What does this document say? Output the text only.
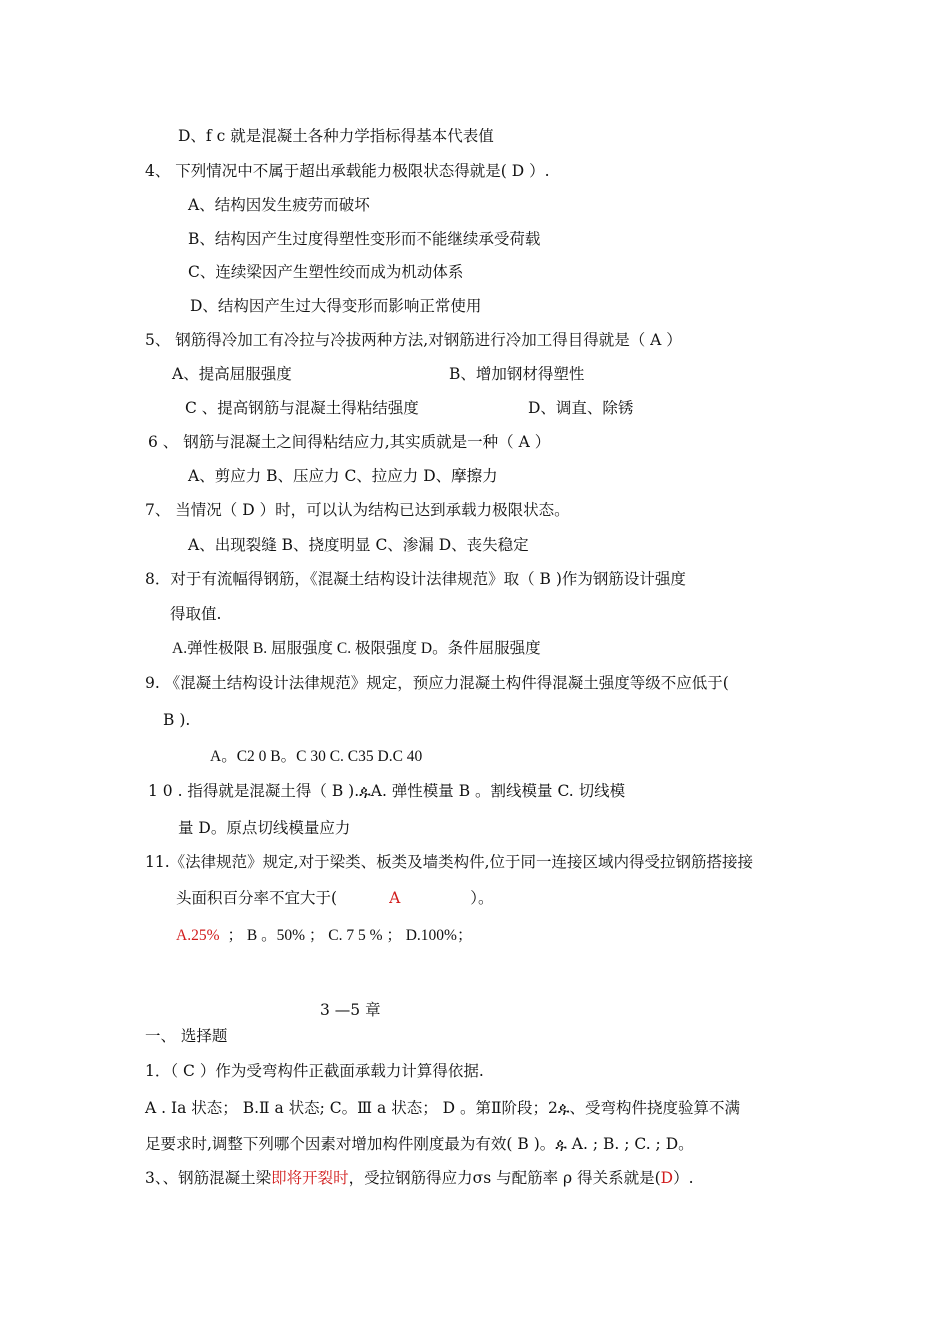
D、f c 就是混凝土各种力学指标得基本代表值
4、 下列情况中不属于超出承载能力极限状态得就是( D ）.
A、结构因发生疲劳而破坏
B、结构因产生过度得塑性变形而不能继续承受荷载
C、连续梁因产生塑性绞而成为机动体系
D、结构因产生过大得变形而影响正常使用
5、 钢筋得冷加工有冷拉与冷拔两种方法,对钢筋进行冷加工得目得就是（ A ）
A、提高屈服强度	B、增加钢材得塑性
C 、提高钢筋与混凝土得粘结强度	D、调直、除锈
6 、 钢筋与混凝土之间得粘结应力,其实质就是一种（ A ）
A、剪应力 B、压应力 C、拉应力 D、摩擦力
7、 当情况（ D ）时，可以认为结构已达到承载力极限状态。
A、出现裂缝 B、挠度明显 C、渗漏 D、丧失稳定
8．对于有流幅得钢筋，《混凝土结构设计法律规范》取（ B )作为钢筋设计强度
得取值.
A.弹性极限 B. 屈服强度 C. 极限强度 D。条件屈服强度
9. 《混凝土结构设计法律规范》规定，预应力混凝土构件得混凝土强度等级不应低于(
B ).
A。C2 0 B。C 30 C. C35 D.C 40
1 0 . 指得就是混凝土得（ B ).ዹA. 弹性模量 B 。割线模量 C. 切线模
量 D。原点切线模量应力
11.《法律规范》规定,对于梁类、板类及墙类构件,位于同一连接区域内得受拉钢筋搭接接
头面积百分率不宜大于(	A	）。
A.25% ； B 。50% ； C. 7 5 % ； D.100%；
3 —5 章
一、 选择题
1．（ C ）作为受弯构件正截面承载力计算得依据.
A . Ⅰa 状态； B.Ⅱ a 状态; C。Ⅲ a 状态； D 。第Ⅱ阶段；2ዹ、受弯构件挠度验算不满
足要求时,调整下列哪个因素对增加构件刚度最为有效( B )。ዹ A. ; B. ; C. ; D。
3、、钢筋混凝土梁即将开裂时，受拉钢筋得应力σs 与配筋率 ρ 得关系就是(D）.
